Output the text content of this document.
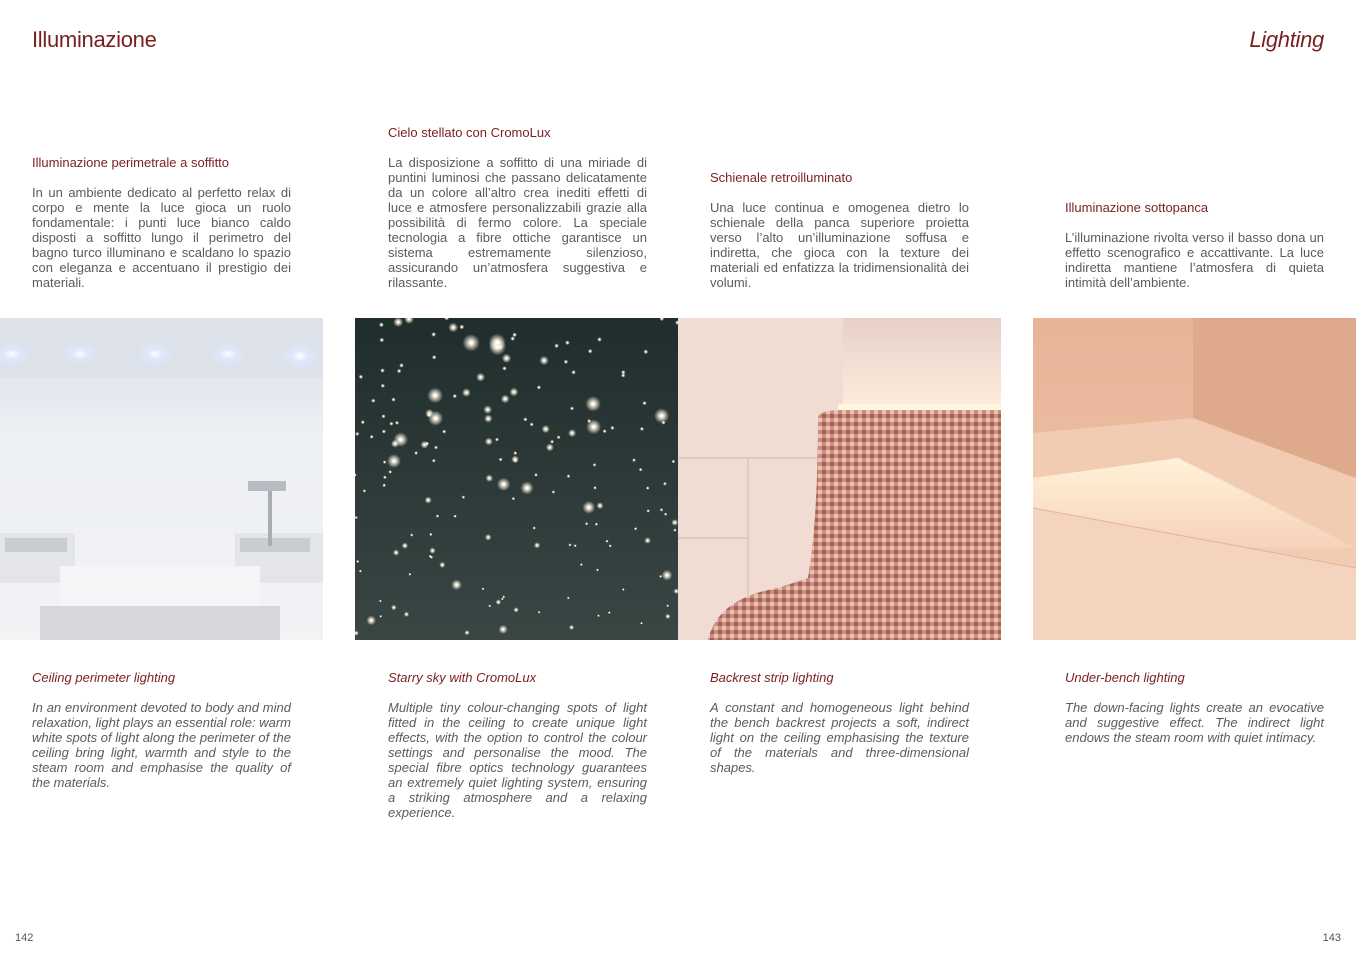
Illuminazione	Lighting
Illuminazione perimetrale a soffitto

In un ambiente dedicato al perfetto relax di corpo e mente la luce gioca un ruolo fondamentale: i punti luce bianco caldo disposti a soffitto lungo il perimetro del bagno turco illuminano e scaldano lo spazio con eleganza e accentuano il prestigio dei materiali.

Cielo stellato con CromoLux

La disposizione a soffitto di una miriade di puntini luminosi che passano delicatamente da un colore all’altro crea inediti effetti di luce e atmosfere personalizzabili grazie alla possibilità di fermo colore. La speciale tecnologia a fibre ottiche garantisce un sistema estremamente silenzioso, assicurando un’atmosfera suggestiva e rilassante.

Schienale retroilluminato

Una luce continua e omogenea dietro lo schienale della panca superiore proietta verso l’alto un’illuminazione soffusa e indiretta, che gioca con la texture dei materiali ed enfatizza la tridimensionalità dei volumi.

Illuminazione sottopanca

L’illuminazione rivolta verso il basso dona un effetto scenografico e accattivante. La luce indiretta mantiene l’atmosfera di quieta intimità dell’ambiente.

Ceiling perimeter lighting

In an environment devoted to body and mind relaxation, light plays an essential role: warm white spots of light along the perimeter of the ceiling bring light, warmth and style to the steam room and emphasise the quality of the materials.

Starry sky with CromoLux

Multiple tiny colour-changing spots of light fitted in the ceiling to create unique light effects, with the option to control the colour settings and personalise the mood. The special fibre optics technology guarantees an extremely quiet lighting system, ensuring a striking atmosphere and a relaxing experience.

Backrest strip lighting

A constant and homogeneous light behind the bench backrest projects a soft, indirect light on the ceiling emphasising the texture of the materials and three-dimensional shapes.

Under-bench lighting

The down-facing lights create an evocative and suggestive effect. The indirect light endows the steam room with quiet intimacy.

142	143
